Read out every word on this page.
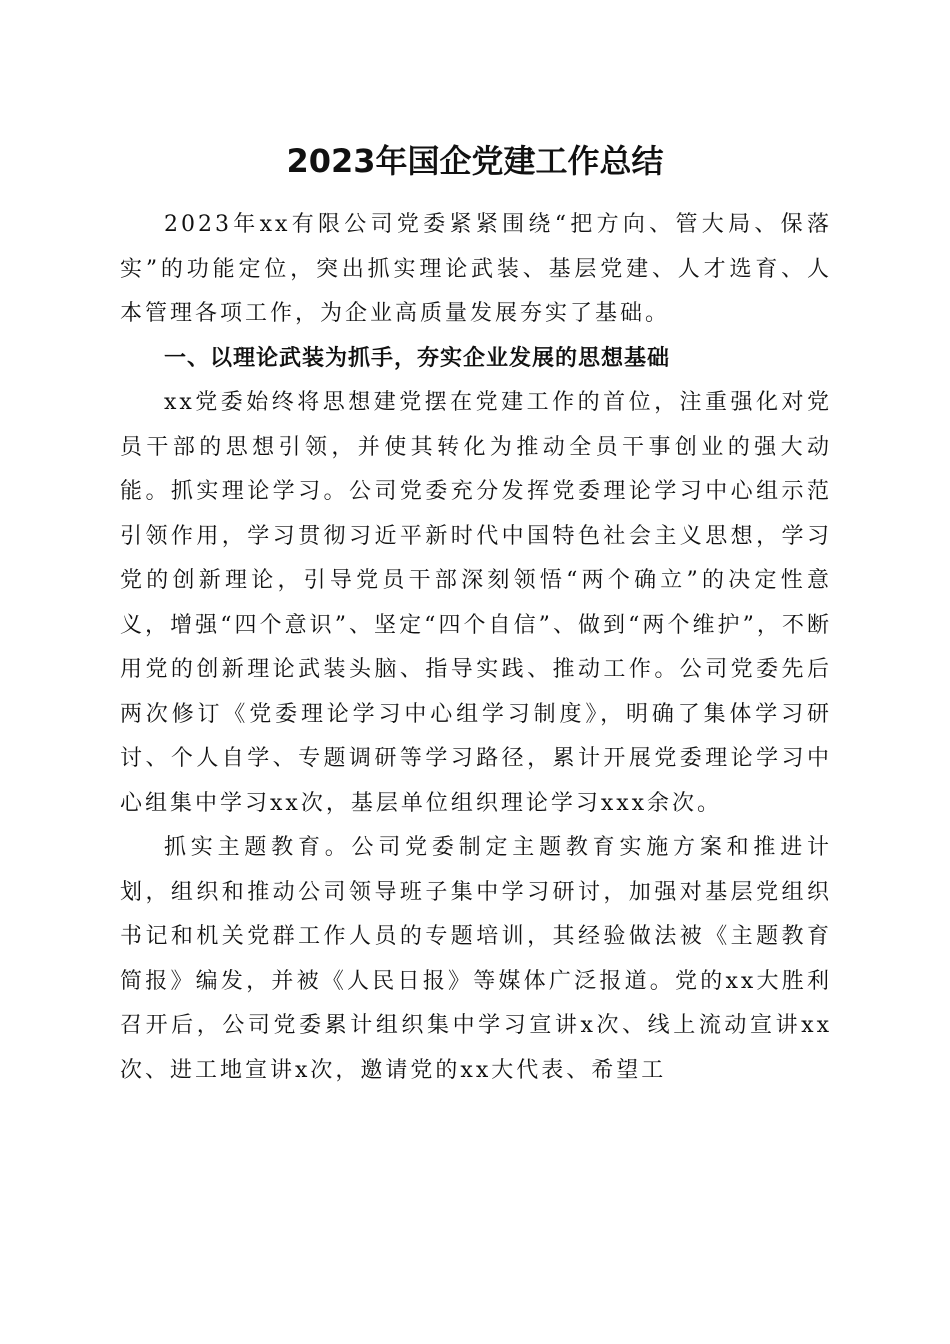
2023年国企党建工作总结

2023年xx有限公司党委紧紧围绕“把方向、管大局、保落实”的功能定位，突出抓实理论武装、基层党建、人才选育、人本管理各项工作，为企业高质量发展夯实了基础。

一、以理论武装为抓手，夯实企业发展的思想基础

xx党委始终将思想建党摆在党建工作的首位，注重强化对党员干部的思想引领，并使其转化为推动全员干事创业的强大动能。抓实理论学习。公司党委充分发挥党委理论学习中心组示范引领作用，学习贯彻习近平新时代中国特色社会主义思想，学习党的创新理论，引导党员干部深刻领悟“两个确立”的决定性意义，增强“四个意识”、坚定“四个自信”、做到“两个维护”，不断用党的创新理论武装头脑、指导实践、推动工作。公司党委先后两次修订《党委理论学习中心组学习制度》，明确了集体学习研讨、个人自学、专题调研等学习路径，累计开展党委理论学习中心组集中学习xx次，基层单位组织理论学习xxx余次。

抓实主题教育。公司党委制定主题教育实施方案和推进计划，组织和推动公司领导班子集中学习研讨，加强对基层党组织书记和机关党群工作人员的专题培训，其经验做法被《主题教育简报》编发，并被《人民日报》等媒体广泛报道。党的xx大胜利召开后，公司党委累计组织集中学习宣讲x次、线上流动宣讲xx次、进工地宣讲x次，邀请党的xx大代表、希望工
